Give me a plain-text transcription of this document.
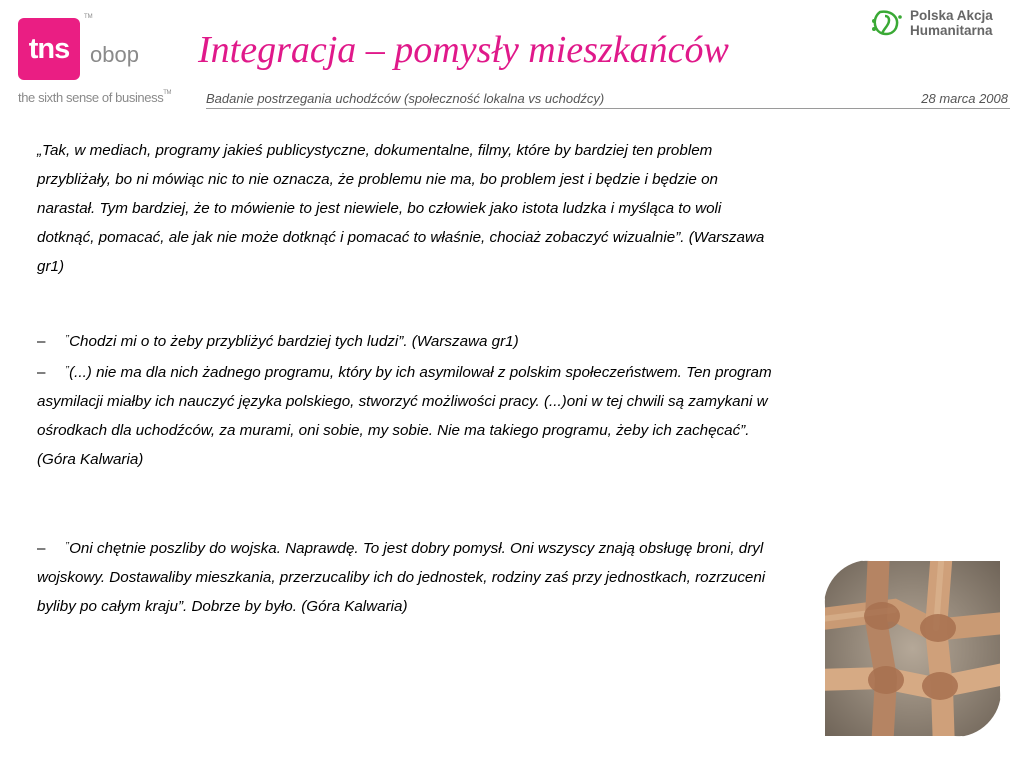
tns
TM
obop
the sixth sense of business™
Integracja – pomysły mieszkańców
Badanie postrzegania uchodźców (społeczność lokalna vs uchodźcy)	28 marca 2008
Polska Akcja
Humanitarna

„Tak, w mediach, programy jakieś publicystyczne, dokumentalne, filmy, które by bardziej ten problem przybliżały, bo ni mówiąc nic to nie oznacza, że problemu nie ma, bo problem jest i będzie i będzie on narastał. Tym bardziej, że to mówienie to jest niewiele, bo człowiek jako istota ludzka i myśląca to woli dotknąć, pomacać, ale jak nie może dotknąć i pomacać to właśnie, chociaż zobaczyć wizualnie”. (Warszawa gr1)

– ’’Chodzi mi o to żeby przybliżyć bardziej tych ludzi”. (Warszawa gr1)

– ’’(...) nie ma dla nich żadnego programu, który by ich asymilował z polskim społeczeństwem. Ten program asymilacji miałby ich nauczyć języka polskiego, stworzyć możliwości pracy. (...)oni w tej chwili są zamykani w ośrodkach dla uchodźców, za murami, oni sobie, my sobie. Nie ma takiego programu, żeby ich zachęcać”. (Góra Kalwaria)

– ’’Oni chętnie poszliby do wojska. Naprawdę. To jest dobry pomysł. Oni wszyscy znają obsługę broni, dryl wojskowy. Dostawaliby mieszkania, przerzucaliby ich do jednostek, rodziny zaś przy jednostkach, rozrzuceni byliby po całym kraju”. Dobrze by było. (Góra Kalwaria)
